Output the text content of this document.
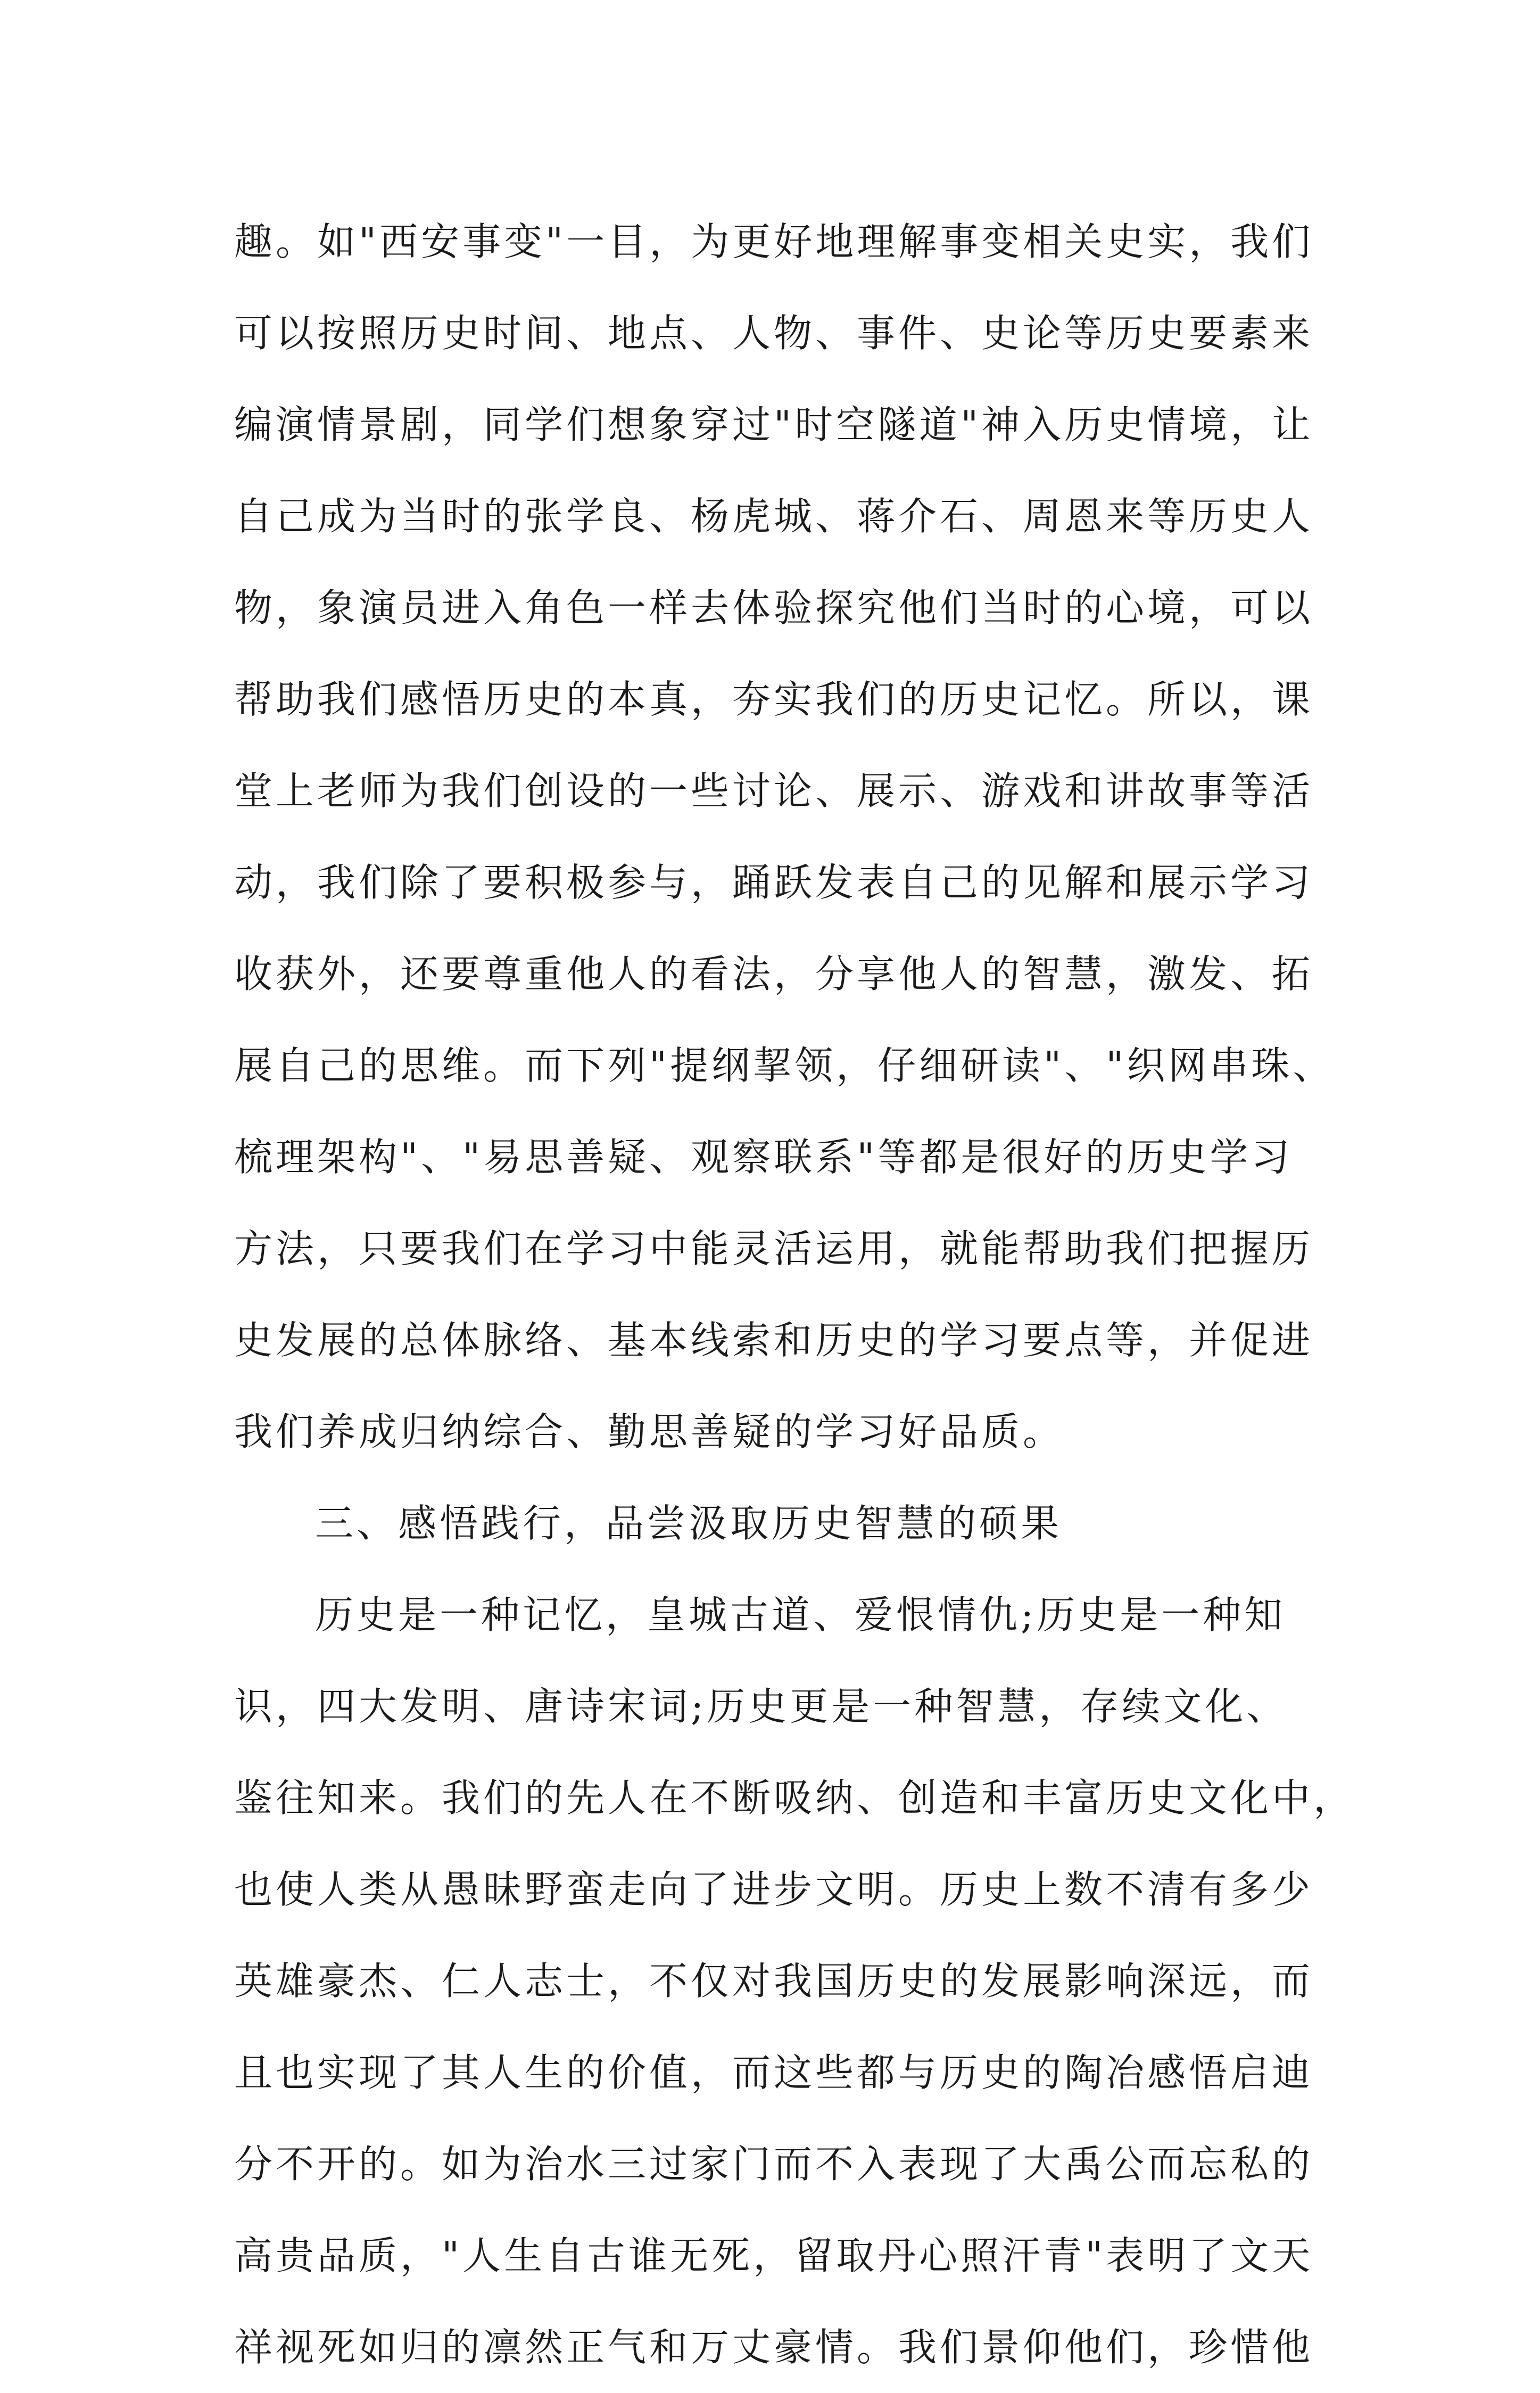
趣。如"西安事变"一目，为更好地理解事变相关史实，我们
可以按照历史时间、地点、人物、事件、史论等历史要素来
编演情景剧，同学们想象穿过"时空隧道"神入历史情境，让
自己成为当时的张学良、杨虎城、蒋介石、周恩来等历史人
物，象演员进入角色一样去体验探究他们当时的心境，可以
帮助我们感悟历史的本真，夯实我们的历史记忆。所以，课
堂上老师为我们创设的一些讨论、展示、游戏和讲故事等活
动，我们除了要积极参与，踊跃发表自己的见解和展示学习
收获外，还要尊重他人的看法，分享他人的智慧，激发、拓
展自己的思维。而下列"提纲挈领，仔细研读"、"织网串珠、
梳理架构"、"易思善疑、观察联系"等都是很好的历史学习
方法，只要我们在学习中能灵活运用，就能帮助我们把握历
史发展的总体脉络、基本线索和历史的学习要点等，并促进
我们养成归纳综合、勤思善疑的学习好品质。
三、感悟践行，品尝汲取历史智慧的硕果
历史是一种记忆，皇城古道、爱恨情仇;历史是一种知
识，四大发明、唐诗宋词;历史更是一种智慧，存续文化、
鉴往知来。我们的先人在不断吸纳、创造和丰富历史文化中，
也使人类从愚昧野蛮走向了进步文明。历史上数不清有多少
英雄豪杰、仁人志士，不仅对我国历史的发展影响深远，而
且也实现了其人生的价值，而这些都与历史的陶冶感悟启迪
分不开的。如为治水三过家门而不入表现了大禹公而忘私的
高贵品质，"人生自古谁无死，留取丹心照汗青"表明了文天
祥视死如归的凛然正气和万丈豪情。我们景仰他们，珍惜他
